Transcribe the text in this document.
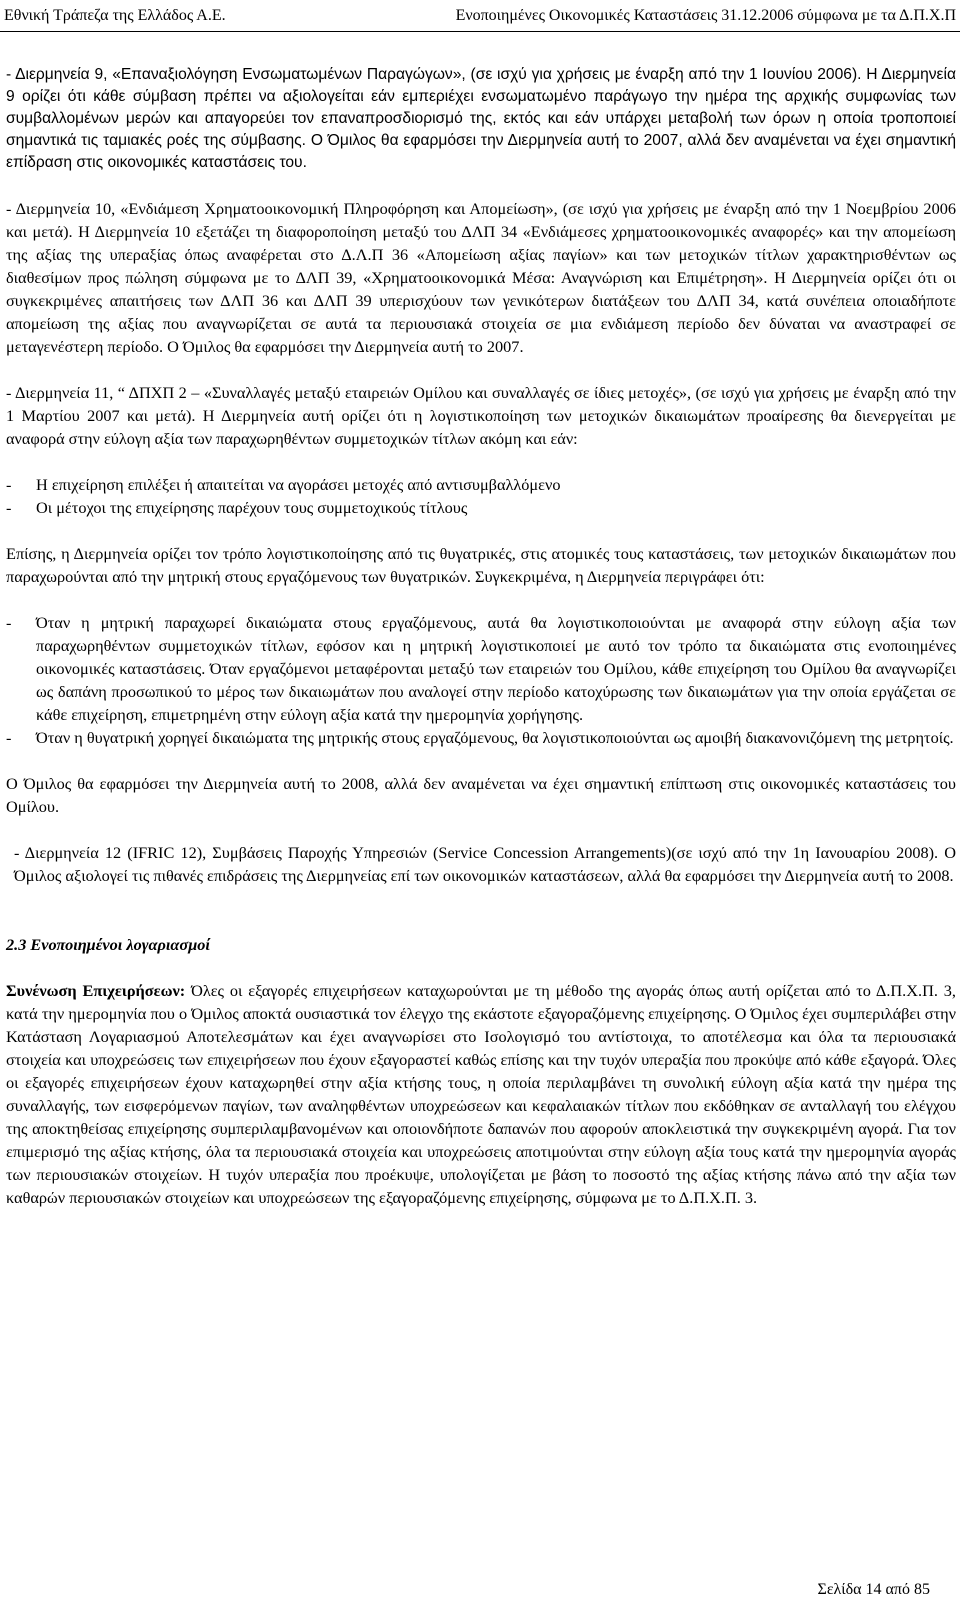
Εθνική Τράπεζα της Ελλάδος Α.Ε.	Ενοποιημένες Οικονομικές Καταστάσεις 31.12.2006 σύμφωνα με τα Δ.Π.Χ.Π

- Διερμηνεία 9, «Επαναξιολόγηση Ενσωματωμένων Παραγώγων», (σε ισχύ για χρήσεις με έναρξη από την 1 Ιουνίου 2006). Η Διερμηνεία 9 ορίζει ότι κάθε σύμβαση πρέπει να αξιολογείται εάν εμπεριέχει ενσωματωμένο παράγωγο την ημέρα της αρχικής συμφωνίας των συμβαλλομένων μερών και απαγορεύει τον επαναπροσδιορισμό της, εκτός και εάν υπάρχει μεταβολή των όρων η οποία τροποποιεί σημαντικά τις ταμιακές ροές της σύμβασης. Ο Όμιλος θα εφαρμόσει την Διερμηνεία αυτή το 2007, αλλά δεν αναμένεται να έχει σημαντική επίδραση στις οικονομικές καταστάσεις του.

- Διερμηνεία 10, «Ενδιάμεση Χρηματοοικονομική Πληροφόρηση και Απομείωση», (σε ισχύ για χρήσεις με έναρξη από την 1 Νοεμβρίου 2006 και μετά). Η Διερμηνεία 10 εξετάζει τη διαφοροποίηση μεταξύ του ΔΛΠ 34 «Ενδιάμεσες χρηματοοικονομικές αναφορές» και την απομείωση της αξίας της υπεραξίας όπως αναφέρεται στο Δ.Λ.Π 36 «Απομείωση αξίας παγίων» και των μετοχικών τίτλων χαρακτηρισθέντων ως διαθεσίμων προς πώληση σύμφωνα με το ΔΛΠ 39, «Χρηματοοικονομικά Μέσα: Αναγνώριση και Επιμέτρηση». Η Διερμηνεία ορίζει ότι οι συγκεκριμένες απαιτήσεις των ΔΛΠ 36 και ΔΛΠ 39 υπερισχύουν των γενικότερων διατάξεων του ΔΛΠ 34, κατά συνέπεια οποιαδήποτε απομείωση της αξίας που αναγνωρίζεται σε αυτά τα περιουσιακά στοιχεία σε μια ενδιάμεση περίοδο δεν δύναται να αναστραφεί σε μεταγενέστερη περίοδο. Ο Όμιλος θα εφαρμόσει την Διερμηνεία αυτή το 2007.

- Διερμηνεία 11, “ ΔΠΧΠ 2 – «Συναλλαγές μεταξύ εταιρειών Ομίλου και συναλλαγές σε ίδιες μετοχές», (σε ισχύ για χρήσεις με έναρξη από την 1 Μαρτίου 2007 και μετά). Η Διερμηνεία αυτή ορίζει ότι η λογιστικοποίηση των μετοχικών δικαιωμάτων προαίρεσης θα διενεργείται με αναφορά στην εύλογη αξία των παραχωρηθέντων συμμετοχικών τίτλων ακόμη και εάν:

-	Η επιχείρηση επιλέξει ή απαιτείται να αγοράσει μετοχές από αντισυμβαλλόμενο
-	Οι μέτοχοι της επιχείρησης παρέχουν τους συμμετοχικούς τίτλους

Επίσης, η Διερμηνεία ορίζει τον τρόπο λογιστικοποίησης από τις θυγατρικές, στις ατομικές τους καταστάσεις, των μετοχικών δικαιωμάτων που παραχωρούνται από την μητρική στους εργαζόμενους των θυγατρικών. Συγκεκριμένα, η Διερμηνεία περιγράφει ότι:

-	Όταν η μητρική παραχωρεί δικαιώματα στους εργαζόμενους, αυτά θα λογιστικοποιούνται με αναφορά στην εύλογη αξία των παραχωρηθέντων συμμετοχικών τίτλων, εφόσον και η μητρική λογιστικοποιεί με αυτό τον τρόπο τα δικαιώματα στις ενοποιημένες οικονομικές καταστάσεις. Όταν εργαζόμενοι μεταφέρονται μεταξύ των εταιρειών του Ομίλου, κάθε επιχείρηση του Ομίλου θα αναγνωρίζει ως δαπάνη προσωπικού το μέρος των δικαιωμάτων που αναλογεί στην περίοδο κατοχύρωσης των δικαιωμάτων για την οποία εργάζεται σε κάθε επιχείρηση, επιμετρημένη στην εύλογη αξία κατά την ημερομηνία χορήγησης.
-	Όταν η θυγατρική χορηγεί δικαιώματα της μητρικής στους εργαζόμενους, θα λογιστικοποιούνται ως αμοιβή διακανονιζόμενη της μετρητοίς.

Ο Όμιλος θα εφαρμόσει την Διερμηνεία αυτή το 2008, αλλά δεν αναμένεται να έχει σημαντική επίπτωση στις οικονομικές καταστάσεις του Ομίλου.

- Διερμηνεία 12 (IFRIC 12), Συμβάσεις Παροχής Υπηρεσιών (Service Concession Arrangements)(σε ισχύ από την 1η Ιανουαρίου 2008). Ο Όμιλος αξιολογεί τις πιθανές επιδράσεις της Διερμηνείας επί των οικονομικών καταστάσεων, αλλά θα εφαρμόσει την Διερμηνεία αυτή το 2008.

2.3 Ενοποιημένοι λογαριασμοί

Συνένωση Επιχειρήσεων: Όλες οι εξαγορές επιχειρήσεων καταχωρούνται με τη μέθοδο της αγοράς όπως αυτή ορίζεται από το Δ.Π.Χ.Π. 3, κατά την ημερομηνία που ο Όμιλος αποκτά ουσιαστικά τον έλεγχο της εκάστοτε εξαγοραζόμενης επιχείρησης. Ο Όμιλος έχει συμπεριλάβει στην Κατάσταση Λογαριασμού Αποτελεσμάτων και έχει αναγνωρίσει στο Ισολογισμό του αντίστοιχα, το αποτέλεσμα και όλα τα περιουσιακά στοιχεία και υποχρεώσεις των επιχειρήσεων που έχουν εξαγοραστεί καθώς επίσης και την τυχόν υπεραξία που προκύψε από κάθε εξαγορά. Όλες οι εξαγορές επιχειρήσεων έχουν καταχωρηθεί στην αξία κτήσης τους, η οποία περιλαμβάνει τη συνολική εύλογη αξία κατά την ημέρα της συναλλαγής, των εισφερόμενων παγίων, των αναληφθέντων υποχρεώσεων και κεφαλαιακών τίτλων που εκδόθηκαν σε ανταλλαγή του ελέγχου της αποκτηθείσας επιχείρησης συμπεριλαμβανομένων και οποιονδήποτε δαπανών που αφορούν αποκλειστικά την συγκεκριμένη αγορά. Για τον επιμερισμό της αξίας κτήσης, όλα τα περιουσιακά στοιχεία και υποχρεώσεις αποτιμούνται στην εύλογη αξία τους κατά την ημερομηνία αγοράς των περιουσιακών στοιχείων. Η τυχόν υπεραξία που προέκυψε, υπολογίζεται με βάση το ποσοστό της αξίας κτήσης πάνω από την αξία των καθαρών περιουσιακών στοιχείων και υποχρεώσεων της εξαγοραζόμενης επιχείρησης, σύμφωνα με το Δ.Π.Χ.Π. 3.

Σελίδα 14 από 85
